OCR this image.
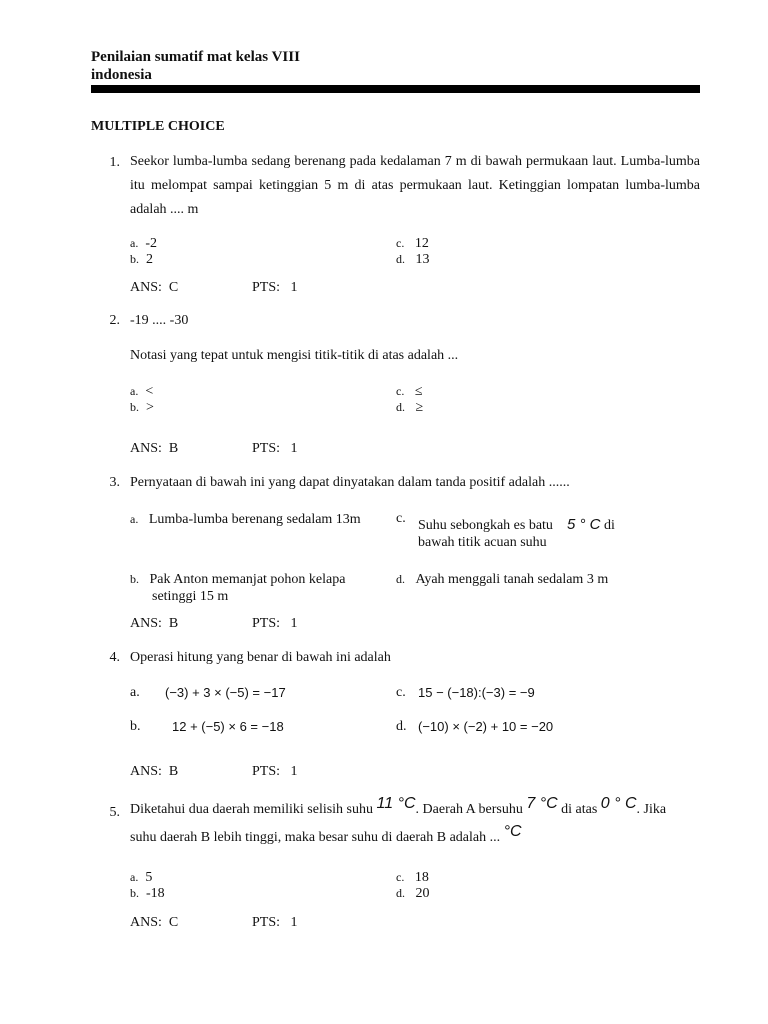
Penilaian sumatif mat kelas VIII
indonesia
MULTIPLE CHOICE
1. Seekor lumba-lumba sedang berenang pada kedalaman 7 m di bawah permukaan laut. Lumba-lumba itu melompat sampai ketinggian 5 m di atas permukaan laut. Ketinggian lompatan lumba-lumba adalah .... m
a. -2
b. 2
c. 12
d. 13
ANS: C	PTS: 1
2. -19 .... -30
Notasi yang tepat untuk mengisi titik-titik di atas adalah ...
a. <
b. >
c. ≤
d. ≥
ANS: B	PTS: 1
3. Pernyataan di bawah ini yang dapat dinyatakan dalam tanda positif adalah ......
a. Lumba-lumba berenang sedalam 13m
b. Pak Anton memanjat pohon kelapa
setinggi 15 m
c. Suhu sebongkah es batu 5 ° C di
bawah titik acuan suhu
d. Ayah menggali tanah sedalam 3 m
ANS: B	PTS: 1
4. Operasi hitung yang benar di bawah ini adalah
a. (−3) + 3 × (−5) = −17
b. 12 + (−5) × 6 = −18
c. 15 − (−18):(−3) = −9
d. (−10) × (−2) + 10 = −20
ANS: B	PTS: 1
5. Diketahui dua daerah memiliki selisih suhu 11 °C. Daerah A bersuhu 7 °C di atas 0 ° C. Jika
suhu daerah B lebih tinggi, maka besar suhu di daerah B adalah ... °C
a. 5
b. -18
c. 18
d. 20
ANS: C	PTS: 1
